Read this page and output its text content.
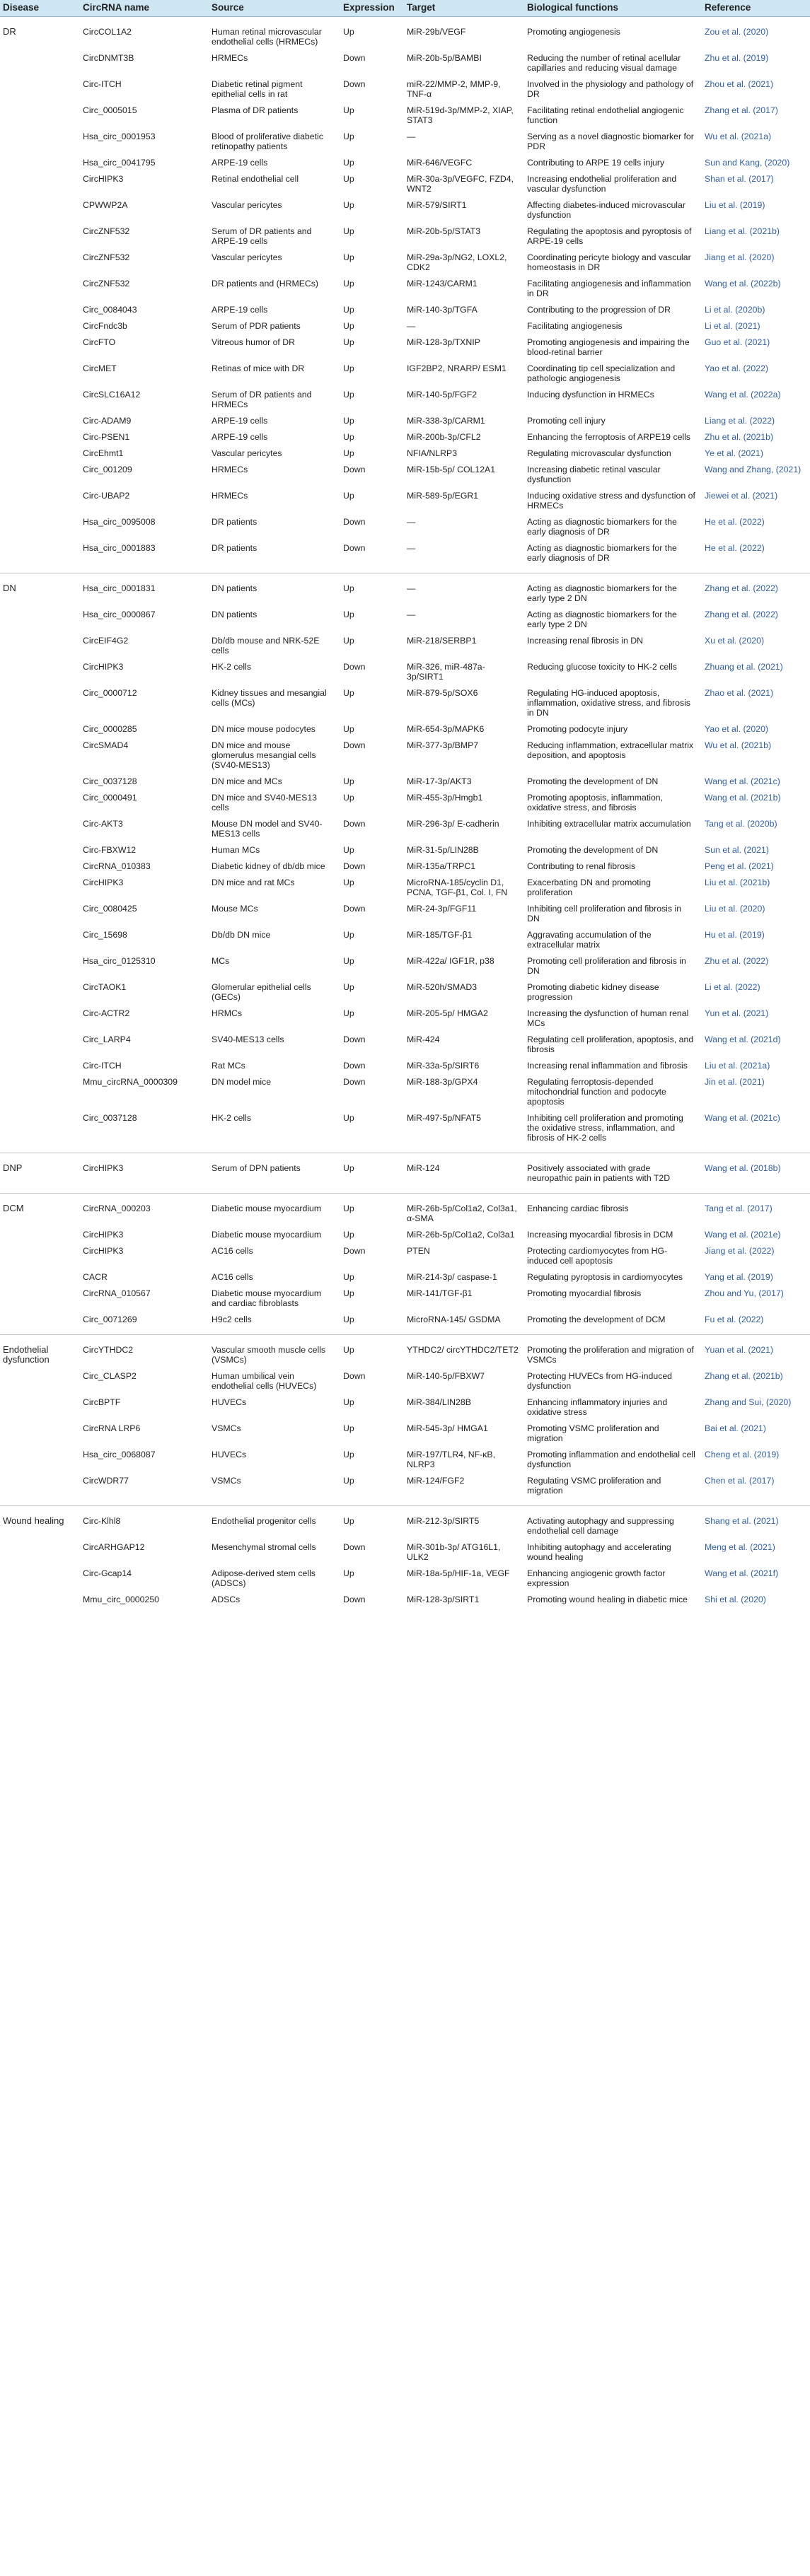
Disease	CircRNA name	Source	Expression	Target	Biological functions	Reference
DR	CircCOL1A2	Human retinal microvascular endothelial cells (HRMECs)	Up	MiR-29b/VEGF	Promoting angiogenesis	Zou et al. (2020)
	CircDNMT3B	HRMECs	Down	MiR-20b-5p/BAMBI	Reducing the number of retinal acellular capillaries and reducing visual damage	Zhu et al. (2019)
	Circ-ITCH	Diabetic retinal pigment epithelial cells in rat	Down	miR-22/MMP-2, MMP-9, TNF-α	Involved in the physiology and pathology of DR	Zhou et al. (2021)
	Circ_0005015	Plasma of DR patients	Up	MiR-519d-3p/MMP-2, XIAP, STAT3	Facilitating retinal endothelial angiogenic function	Zhang et al. (2017)
	Hsa_circ_0001953	Blood of proliferative diabetic retinopathy patients	Up	—	Serving as a novel diagnostic biomarker for PDR	Wu et al. (2021a)
	Hsa_circ_0041795	ARPE-19 cells	Up	MiR-646/VEGFC	Contributing to ARPE 19 cells injury	Sun and Kang, (2020)
	CircHIPK3	Retinal endothelial cell	Up	MiR-30a-3p/VEGFC, FZD4, WNT2	Increasing endothelial proliferation and vascular dysfunction	Shan et al. (2017)
	CPWWP2A	Vascular pericytes	Up	MiR-579/SIRT1	Affecting diabetes-induced microvascular dysfunction	Liu et al. (2019)
	CircZNF532	Serum of DR patients and ARPE-19 cells	Up	MiR-20b-5p/STAT3	Regulating the apoptosis and pyroptosis of ARPE-19 cells	Liang et al. (2021b)
	CircZNF532	Vascular pericytes	Up	MiR-29a-3p/NG2, LOXL2, CDK2	Coordinating pericyte biology and vascular homeostasis in DR	Jiang et al. (2020)
	CircZNF532	DR patients and (HRMECs)	Up	MiR-1243/CARM1	Facilitating angiogenesis and inflammation in DR	Wang et al. (2022b)
	Circ_0084043	ARPE-19 cells	Up	MiR-140-3p/TGFA	Contributing to the progression of DR	Li et al. (2020b)
	CircFndc3b	Serum of PDR patients	Up	—	Facilitating angiogenesis	Li et al. (2021)
	CircFTO	Vitreous humor of DR	Up	MiR-128-3p/TXNIP	Promoting angiogenesis and impairing the blood-retinal barrier	Guo et al. (2021)
	CircMET	Retinas of mice with DR	Up	IGF2BP2, NRARP/ ESM1	Coordinating tip cell specialization and pathologic angiogenesis	Yao et al. (2022)
	CircSLC16A12	Serum of DR patients and HRMECs	Up	MiR-140-5p/FGF2	Inducing dysfunction in HRMECs	Wang et al. (2022a)
	Circ-ADAM9	ARPE-19 cells	Up	MiR-338-3p/CARM1	Promoting cell injury	Liang et al. (2022)
	Circ-PSEN1	ARPE-19 cells	Up	MiR-200b-3p/CFL2	Enhancing the ferroptosis of ARPE19 cells	Zhu et al. (2021b)
	CircEhmt1	Vascular pericytes	Up	NFIA/NLRP3	Regulating microvascular dysfunction	Ye et al. (2021)
	Circ_001209	HRMECs	Down	MiR-15b-5p/ COL12A1	Increasing diabetic retinal vascular dysfunction	Wang and Zhang, (2021)
	Circ-UBAP2	HRMECs	Up	MiR-589-5p/EGR1	Inducing oxidative stress and dysfunction of HRMECs	Jiewei et al. (2021)
	Hsa_circ_0095008	DR patients	Down	—	Acting as diagnostic biomarkers for the early diagnosis of DR	He et al. (2022)
	Hsa_circ_0001883	DR patients	Down	—	Acting as diagnostic biomarkers for the early diagnosis of DR	He et al. (2022)
DN	Hsa_circ_0001831	DN patients	Up	—	Acting as diagnostic biomarkers for the early type 2 DN	Zhang et al. (2022)
	Hsa_circ_0000867	DN patients	Up	—	Acting as diagnostic biomarkers for the early type 2 DN	Zhang et al. (2022)
	CircEIF4G2	Db/db mouse and NRK-52E cells	Up	MiR-218/SERBP1	Increasing renal fibrosis in DN	Xu et al. (2020)
	CircHIPK3	HK-2 cells	Down	MiR-326, miR-487a-3p/SIRT1	Reducing glucose toxicity to HK-2 cells	Zhuang et al. (2021)
	Circ_0000712	Kidney tissues and mesangial cells (MCs)	Up	MiR-879-5p/SOX6	Regulating HG-induced apoptosis, inflammation, oxidative stress, and fibrosis in DN	Zhao et al. (2021)
	Circ_0000285	DN mice mouse podocytes	Up	MiR-654-3p/MAPK6	Promoting podocyte injury	Yao et al. (2020)
	CircSMAD4	DN mice and mouse glomerulus mesangial cells (SV40-MES13)	Down	MiR-377-3p/BMP7	Reducing inflammation, extracellular matrix deposition, and apoptosis	Wu et al. (2021b)
	Circ_0037128	DN mice and MCs	Up	MiR-17-3p/AKT3	Promoting the development of DN	Wang et al. (2021c)
	Circ_0000491	DN mice and SV40-MES13 cells	Up	MiR-455-3p/Hmgb1	Promoting apoptosis, inflammation, oxidative stress, and fibrosis	Wang et al. (2021b)
	Circ-AKT3	Mouse DN model and SV40-MES13 cells	Down	MiR-296-3p/ E-cadherin	Inhibiting extracellular matrix accumulation	Tang et al. (2020b)
	Circ-FBXW12	Human MCs	Up	MiR-31-5p/LIN28B	Promoting the development of DN	Sun et al. (2021)
	CircRNA_010383	Diabetic kidney of db/db mice	Down	MiR-135a/TRPC1	Contributing to renal fibrosis	Peng et al. (2021)
	CircHIPK3	DN mice and rat MCs	Up	MicroRNA-185/cyclin D1, PCNA, TGF-β1, Col. I, FN	Exacerbating DN and promoting proliferation	Liu et al. (2021b)
	Circ_0080425	Mouse MCs	Down	MiR-24-3p/FGF11	Inhibiting cell proliferation and fibrosis in DN	Liu et al. (2020)
	Circ_15698	Db/db DN mice	Up	MiR-185/TGF-β1	Aggravating accumulation of the extracellular matrix	Hu et al. (2019)
	Hsa_circ_0125310	MCs	Up	MiR-422a/ IGF1R, p38	Promoting cell proliferation and fibrosis in DN	Zhu et al. (2022)
	CircTAOK1	Glomerular epithelial cells (GECs)	Up	MiR-520h/SMAD3	Promoting diabetic kidney disease progression	Li et al. (2022)
	Circ-ACTR2	HRMCs	Up	MiR-205-5p/ HMGA2	Increasing the dysfunction of human renal MCs	Yun et al. (2021)
	Circ_LARP4	SV40-MES13 cells	Down	MiR-424	Regulating cell proliferation, apoptosis, and fibrosis	Wang et al. (2021d)
	Circ-ITCH	Rat MCs	Down	MiR-33a-5p/SIRT6	Increasing renal inflammation and fibrosis	Liu et al. (2021a)
	Mmu_circRNA_0000309	DN model mice	Down	MiR-188-3p/GPX4	Regulating ferroptosis-depended mitochondrial function and podocyte apoptosis	Jin et al. (2021)
	Circ_0037128	HK-2 cells	Up	MiR-497-5p/NFAT5	Inhibiting cell proliferation and promoting the oxidative stress, inflammation, and fibrosis of HK-2 cells	Wang et al. (2021c)
DNP	CircHIPK3	Serum of DPN patients	Up	MiR-124	Positively associated with grade neuropathic pain in patients with T2D	Wang et al. (2018b)
DCM	CircRNA_000203	Diabetic mouse myocardium	Up	MiR-26b-5p/Col1a2, Col3a1, α-SMA	Enhancing cardiac fibrosis	Tang et al. (2017)
	CircHIPK3	Diabetic mouse myocardium	Up	MiR-26b-5p/Col1a2, Col3a1	Increasing myocardial fibrosis in DCM	Wang et al. (2021e)
	CircHIPK3	AC16 cells	Down	PTEN	Protecting cardiomyocytes from HG-induced cell apoptosis	Jiang et al. (2022)
	CACR	AC16 cells	Up	MiR-214-3p/ caspase-1	Regulating pyroptosis in cardiomyocytes	Yang et al. (2019)
	CircRNA_010567	Diabetic mouse myocardium and cardiac fibroblasts	Up	MiR-141/TGF-β1	Promoting myocardial fibrosis	Zhou and Yu, (2017)
	Circ_0071269	H9c2 cells	Up	MicroRNA-145/ GSDMA	Promoting the development of DCM	Fu et al. (2022)
Endothelial dysfunction	CircYTHDC2	Vascular smooth muscle cells (VSMCs)	Up	YTHDC2/ circYTHDC2/TET2	Promoting the proliferation and migration of VSMCs	Yuan et al. (2021)
	Circ_CLASP2	Human umbilical vein endothelial cells (HUVECs)	Down	MiR-140-5p/FBXW7	Protecting HUVECs from HG-induced dysfunction	Zhang et al. (2021b)
	CircBPTF	HUVECs	Up	MiR-384/LIN28B	Enhancing inflammatory injuries and oxidative stress	Zhang and Sui, (2020)
	CircRNA LRP6	VSMCs	Up	MiR-545-3p/ HMGA1	Promoting VSMC proliferation and migration	Bai et al. (2021)
	Hsa_circ_0068087	HUVECs	Up	MiR-197/TLR4, NF-κB, NLRP3	Promoting inflammation and endothelial cell dysfunction	Cheng et al. (2019)
	CircWDR77	VSMCs	Up	MiR-124/FGF2	Regulating VSMC proliferation and migration	Chen et al. (2017)
Wound healing	Circ-Klhl8	Endothelial progenitor cells	Up	MiR-212-3p/SIRT5	Activating autophagy and suppressing endothelial cell damage	Shang et al. (2021)
	CircARHGAP12	Mesenchymal stromal cells	Down	MiR-301b-3p/ ATG16L1, ULK2	Inhibiting autophagy and accelerating wound healing	Meng et al. (2021)
	Circ-Gcap14	Adipose-derived stem cells (ADSCs)	Up	MiR-18a-5p/HIF-1a, VEGF	Enhancing angiogenic growth factor expression	Wang et al. (2021f)
	Mmu_circ_0000250	ADSCs	Down	MiR-128-3p/SIRT1	Promoting wound healing in diabetic mice	Shi et al. (2020)
